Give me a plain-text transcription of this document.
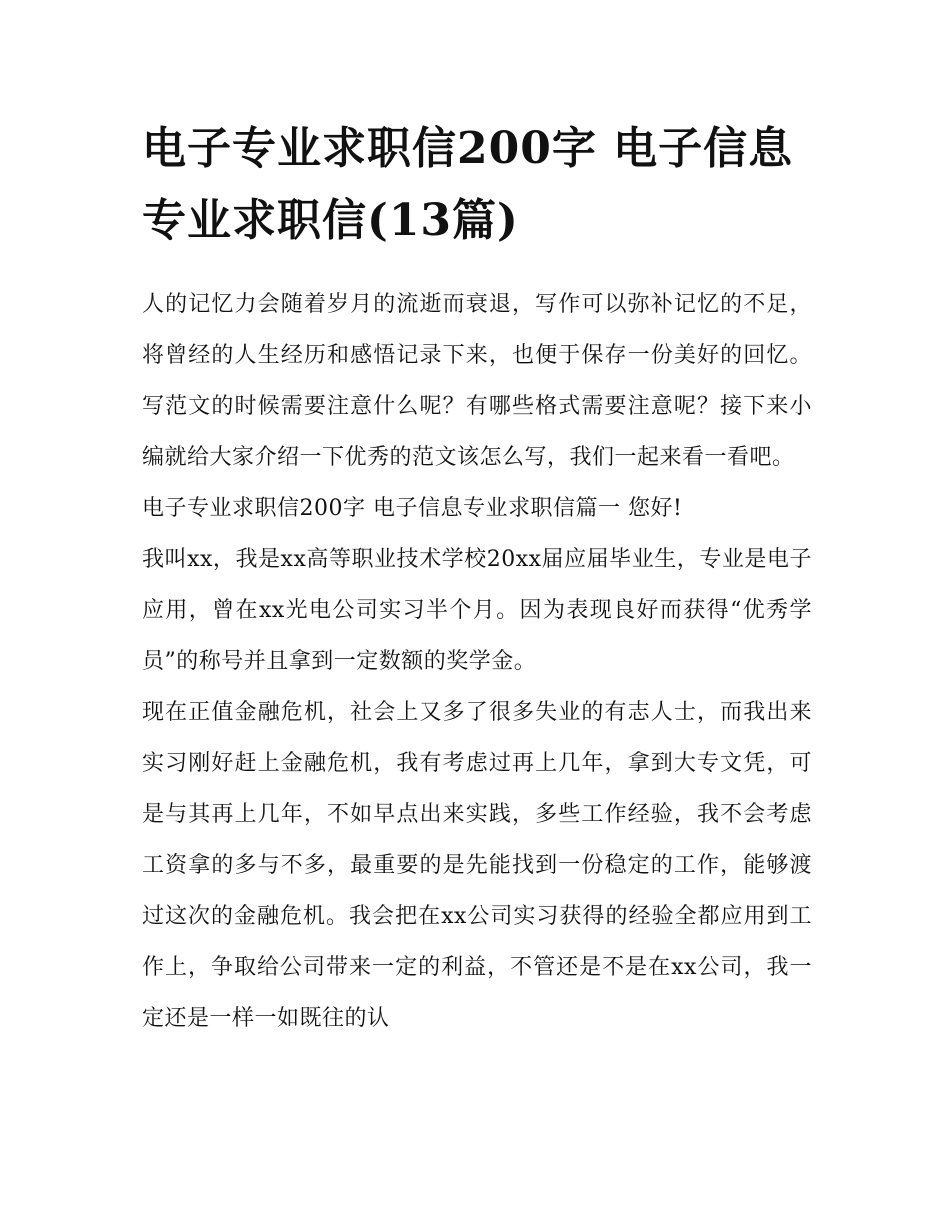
电子专业求职信200字 电子信息专业求职信(13篇)

人的记忆力会随着岁月的流逝而衰退，写作可以弥补记忆的不足，将曾经的人生经历和感悟记录下来，也便于保存一份美好的回忆。写范文的时候需要注意什么呢？有哪些格式需要注意呢？接下来小编就给大家介绍一下优秀的范文该怎么写，我们一起来看一看吧。

电子专业求职信200字 电子信息专业求职信篇一 您好!

我叫xx，我是xx高等职业技术学校20xx届应届毕业生，专业是电子应用，曾在xx光电公司实习半个月。因为表现良好而获得“优秀学员”的称号并且拿到一定数额的奖学金。

现在正值金融危机，社会上又多了很多失业的有志人士，而我出来实习刚好赶上金融危机，我有考虑过再上几年，拿到大专文凭，可是与其再上几年，不如早点出来实践，多些工作经验，我不会考虑工资拿的多与不多，最重要的是先能找到一份稳定的工作，能够渡过这次的金融危机。我会把在xx公司实习获得的经验全都应用到工作上，争取给公司带来一定的利益，不管还是不是在xx公司，我一定还是一样一如既往的认
